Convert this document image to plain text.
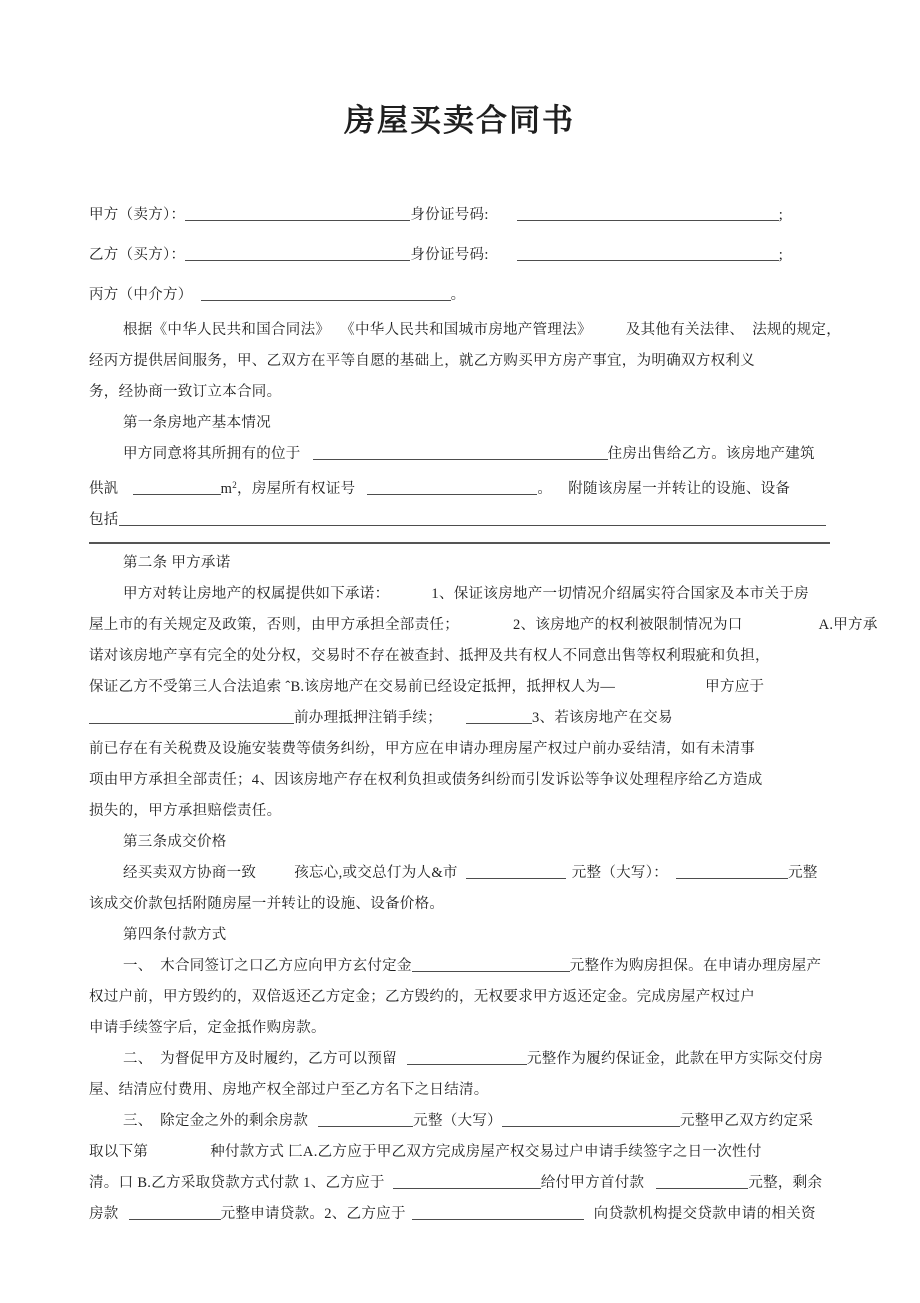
房屋买卖合同书
甲方（卖方）：	身份证号码:	;
乙方（买方）：	身份证号码:	;
丙方（中介方）	。
根据《中华人民共和国合同法》 《中华人民共和国城市房地产管理法》 及其他有关法律、 法规的规定，
经丙方提供居间服务，甲、乙双方在平等自愿的基础上，就乙方购买甲方房产事宜，为明确双方权利义
务，经协商一致订立本合同。
第一条房地产基本情况
甲方同意将其所拥有的位于	住房出售给乙方。该房地产建筑
供訉	$m^2$，房屋所有权证号	。 附随该房屋一并转让的设施、设备
包括
第二条 甲方承诺
甲方对转让房地产的权属提供如下承诺：	1、保证该房地产一切情况介绍属实符合国家及本市关于房
屋上市的有关规定及政策，否则，由甲方承担全部责任；	2、该房地产的权利被限制情况为口	A.甲方承
诺对该房地产享有完全的处分权，交易时不存在被查封、抵押及共有权人不同意出售等权利瑕疵和负担，
保证乙方不受第三人合法追索 ˆB.该房地产在交易前已经设定抵押，抵押权人为—	甲方应于
前办理抵押注销手续；	3、若该房地产在交易
前已存在有关税费及设施安装费等债务纠纷，甲方应在申请办理房屋产权过户前办妥结清，如有未清事
项由甲方承担全部责任；4、因该房地产存在权利负担或债务纠纷而引发诉讼等争议处理程序给乙方造成
损失的，甲方承担赔偿责任。
第三条成交价格
经买卖双方协商一致	孩忘心,或交总仃为人&市	元整（大写）：	元整
该成交价款包括附随房屋一并转让的设施、设备价格。
第四条付款方式
一、　木合同签订之口乙方应向甲方玄付定金	元整作为购房担保。在申请办理房屋产
权过户前，甲方毁约的，双倍返还乙方定金；乙方毁约的，无权要求甲方返还定金。完成房屋产权过户
申请手续签字后，定金抵作购房款。
二、　为督促甲方及时履约，乙方可以预留	元整作为履约保证金，此款在甲方实际交付房
屋、结清应付费用、房地产权全部过户至乙方名下之日结清。
三、　除定金之外的剩余房款	元整（大写）	元整甲乙双方约定采
取以下第	种付款方式 匚A.乙方应于甲乙双方完成房屋产权交易过户申请手续签字之日一次性付
清。口 B.乙方采取贷款方式付款 1、乙方应于	给付甲方首付款	元整，剩余
房款	元整申请贷款。2、乙方应于	向贷款机构提交贷款申请的相关资
